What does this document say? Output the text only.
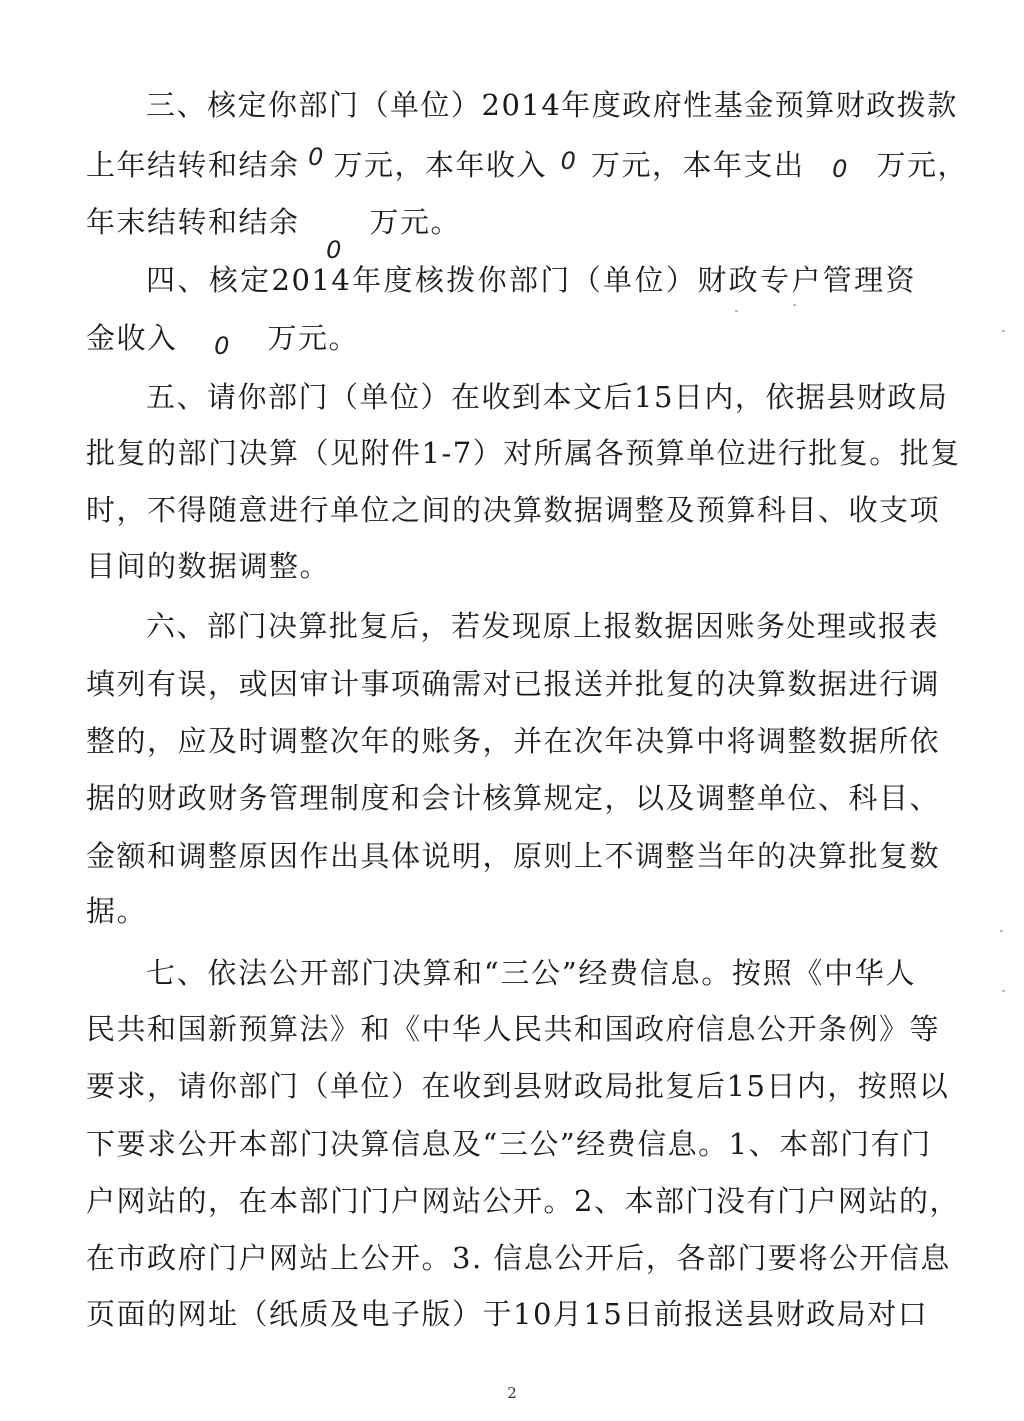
三、核定你部门（单位）2014年度政府性基金预算财政拨款
上年结转和结余 0 万元，本年收入 0 万元，本年支出 0 万元，
年末结转和结余0万元。
四、核定2014年度核拨你部门（单位）财政专户管理资
金收入 0 万元。
五、请你部门（单位）在收到本文后15日内，依据县财政局
批复的部门决算（见附件1-7）对所属各预算单位进行批复。批复
时，不得随意进行单位之间的决算数据调整及预算科目、收支项
目间的数据调整。
六、部门决算批复后，若发现原上报数据因账务处理或报表
填列有误，或因审计事项确需对已报送并批复的决算数据进行调
整的，应及时调整次年的账务，并在次年决算中将调整数据所依
据的财政财务管理制度和会计核算规定，以及调整单位、科目、
金额和调整原因作出具体说明，原则上不调整当年的决算批复数
据。
七、依法公开部门决算和“三公”经费信息。按照《中华人
民共和国新预算法》和《中华人民共和国政府信息公开条例》等
要求，请你部门（单位）在收到县财政局批复后15日内，按照以
下要求公开本部门决算信息及“三公”经费信息。1、本部门有门
户网站的，在本部门门户网站公开。2、本部门没有门户网站的，
在市政府门户网站上公开。3. 信息公开后，各部门要将公开信息
页面的网址（纸质及电子版）于10月15日前报送县财政局对口
2
